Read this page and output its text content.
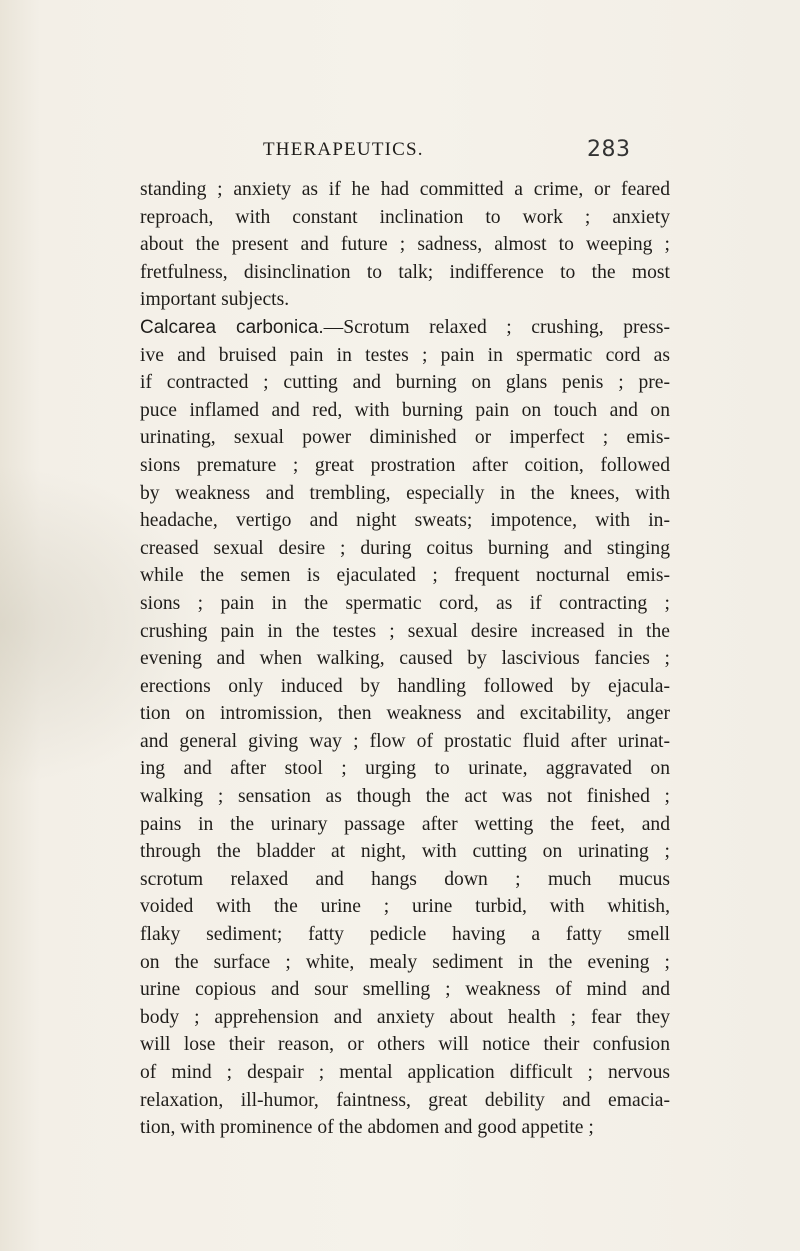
THERAPEUTICS.	283
standing ; anxiety as if he had committed a crime, or feared
reproach, with constant inclination to work ; anxiety
about the present and future ; sadness, almost to weeping ;
fretfulness, disinclination to talk; indifference to the most
important subjects.
Calcarea carbonica.—Scrotum relaxed ; crushing, press-
ive and bruised pain in testes ; pain in spermatic cord as
if contracted ; cutting and burning on glans penis ; pre-
puce inflamed and red, with burning pain on touch and on
urinating, sexual power diminished or imperfect ; emis-
sions premature ; great prostration after coition, followed
by weakness and trembling, especially in the knees, with
headache, vertigo and night sweats; impotence, with in-
creased sexual desire ; during coitus burning and stinging
while the semen is ejaculated ; frequent nocturnal emis-
sions ; pain in the spermatic cord, as if contracting ;
crushing pain in the testes ; sexual desire increased in the
evening and when walking, caused by lascivious fancies ;
erections only induced by handling followed by ejacula-
tion on intromission, then weakness and excitability, anger
and general giving way ; flow of prostatic fluid after urinat-
ing and after stool ; urging to urinate, aggravated on
walking ; sensation as though the act was not finished ;
pains in the urinary passage after wetting the feet, and
through the bladder at night, with cutting on urinating ;
scrotum relaxed and hangs down ; much mucus
voided with the urine ; urine turbid, with whitish,
flaky sediment; fatty pedicle having a fatty smell
on the surface ; white, mealy sediment in the evening ;
urine copious and sour smelling ; weakness of mind and
body ; apprehension and anxiety about health ; fear they
will lose their reason, or others will notice their confusion
of mind ; despair ; mental application difficult ; nervous
relaxation, ill-humor, faintness, great debility and emacia-
tion, with prominence of the abdomen and good appetite ;
